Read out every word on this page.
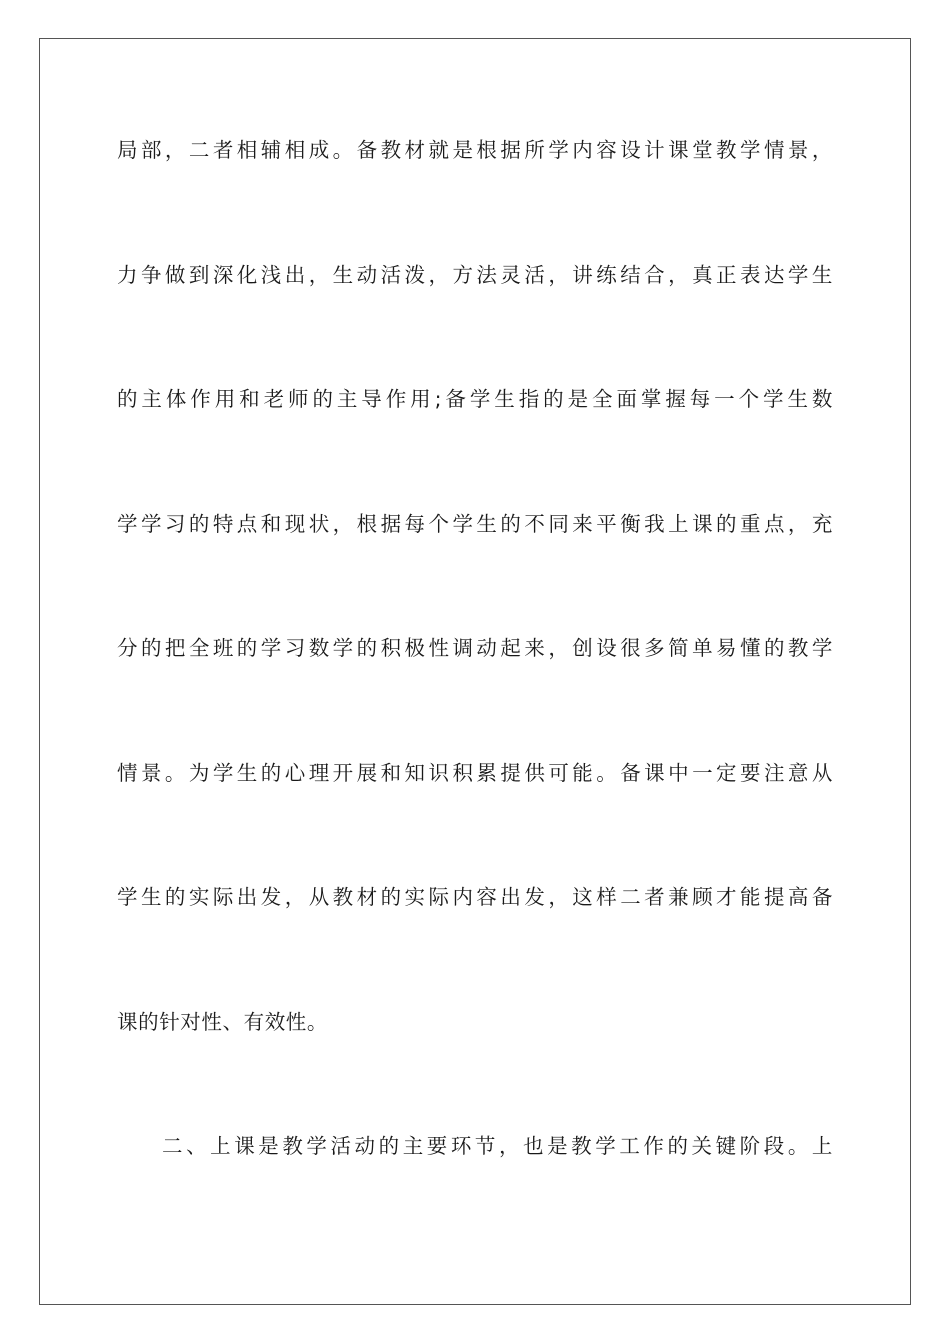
局部，二者相辅相成。备教材就是根据所学内容设计课堂教学情景，
力争做到深化浅出，生动活泼，方法灵活，讲练结合，真正表达学生
的主体作用和老师的主导作用;备学生指的是全面掌握每一个学生数
学学习的特点和现状，根据每个学生的不同来平衡我上课的重点，充
分的把全班的学习数学的积极性调动起来，创设很多简单易懂的教学
情景。为学生的心理开展和知识积累提供可能。备课中一定要注意从
学生的实际出发，从教材的实际内容出发，这样二者兼顾才能提高备
课的针对性、有效性。
二、上课是教学活动的主要环节，也是教学工作的关键阶段。上
